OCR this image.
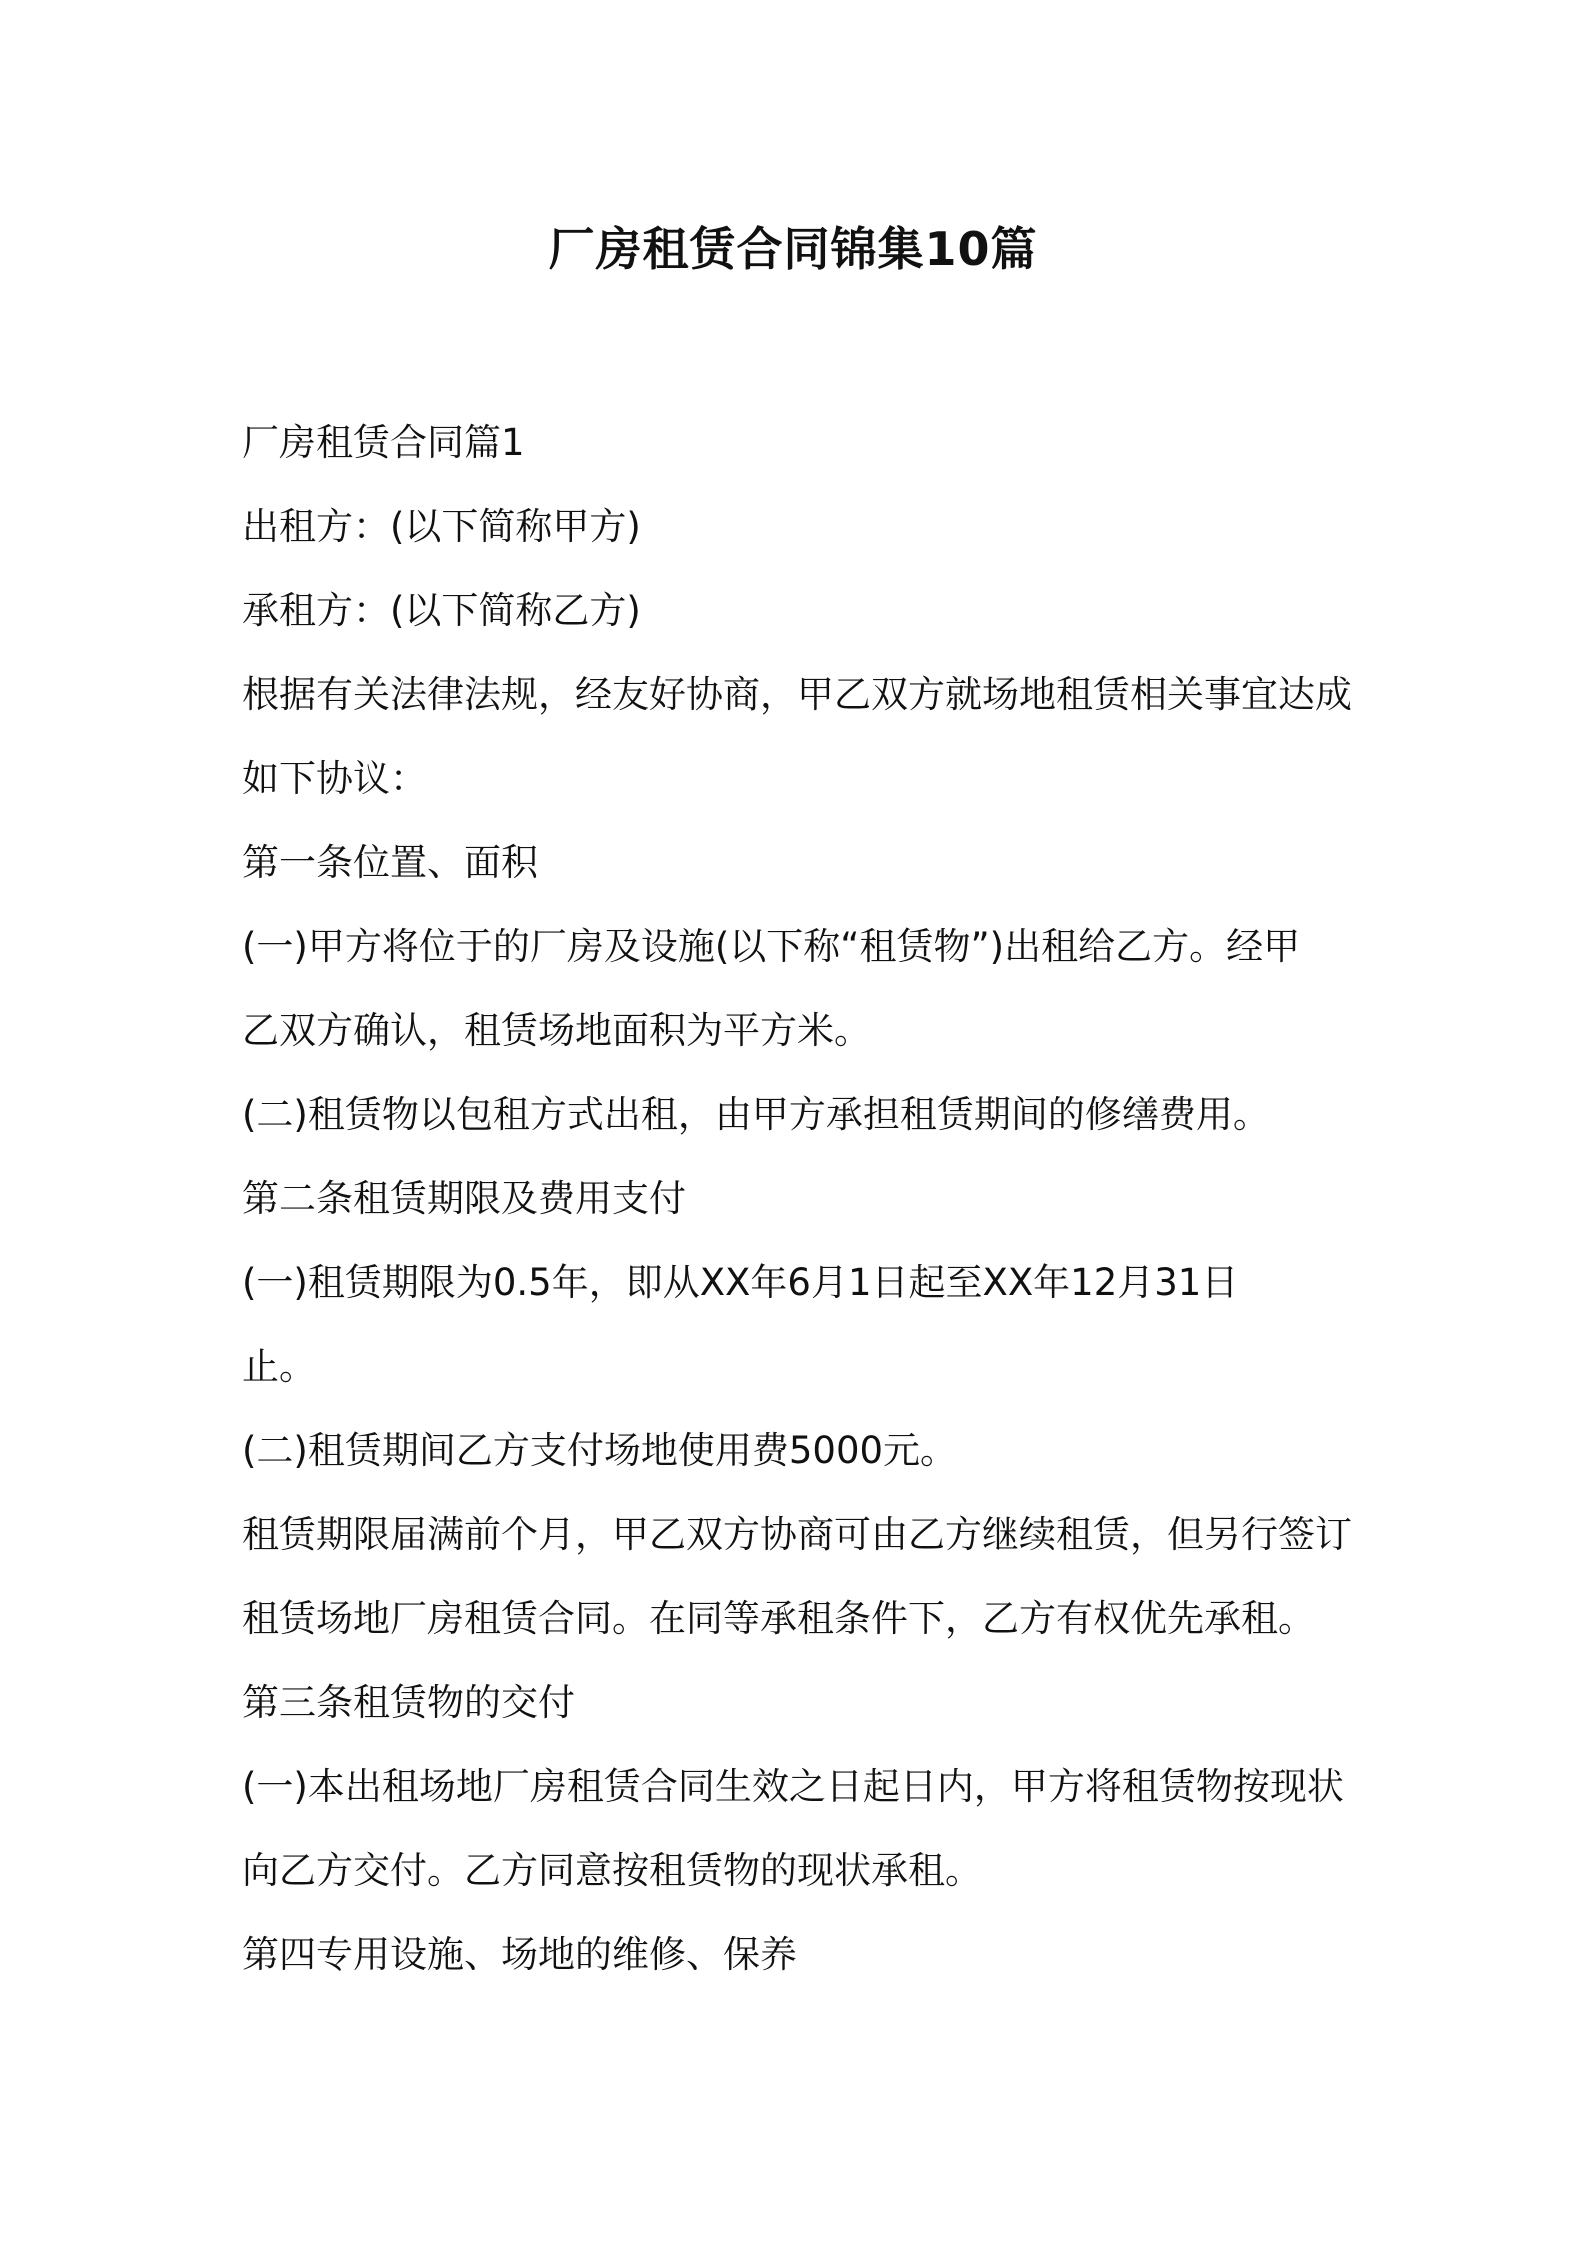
厂房租赁合同锦集10篇

厂房租赁合同篇1

出租方：(以下简称甲方)

承租方：(以下简称乙方)

根据有关法律法规，经友好协商，甲乙双方就场地租赁相关事宜达成

如下协议：

第一条位置、面积

(一)甲方将位于的厂房及设施(以下称“租赁物”)出租给乙方。经甲

乙双方确认，租赁场地面积为平方米。

(二)租赁物以包租方式出租，由甲方承担租赁期间的修缮费用。

第二条租赁期限及费用支付

(一)租赁期限为0.5年，即从XX年6月1日起至XX年12月31日

止。

(二)租赁期间乙方支付场地使用费5000元。

租赁期限届满前个月，甲乙双方协商可由乙方继续租赁，但另行签订

租赁场地厂房租赁合同。在同等承租条件下，乙方有权优先承租。

第三条租赁物的交付

(一)本出租场地厂房租赁合同生效之日起日内，甲方将租赁物按现状

向乙方交付。乙方同意按租赁物的现状承租。

第四专用设施、场地的维修、保养
